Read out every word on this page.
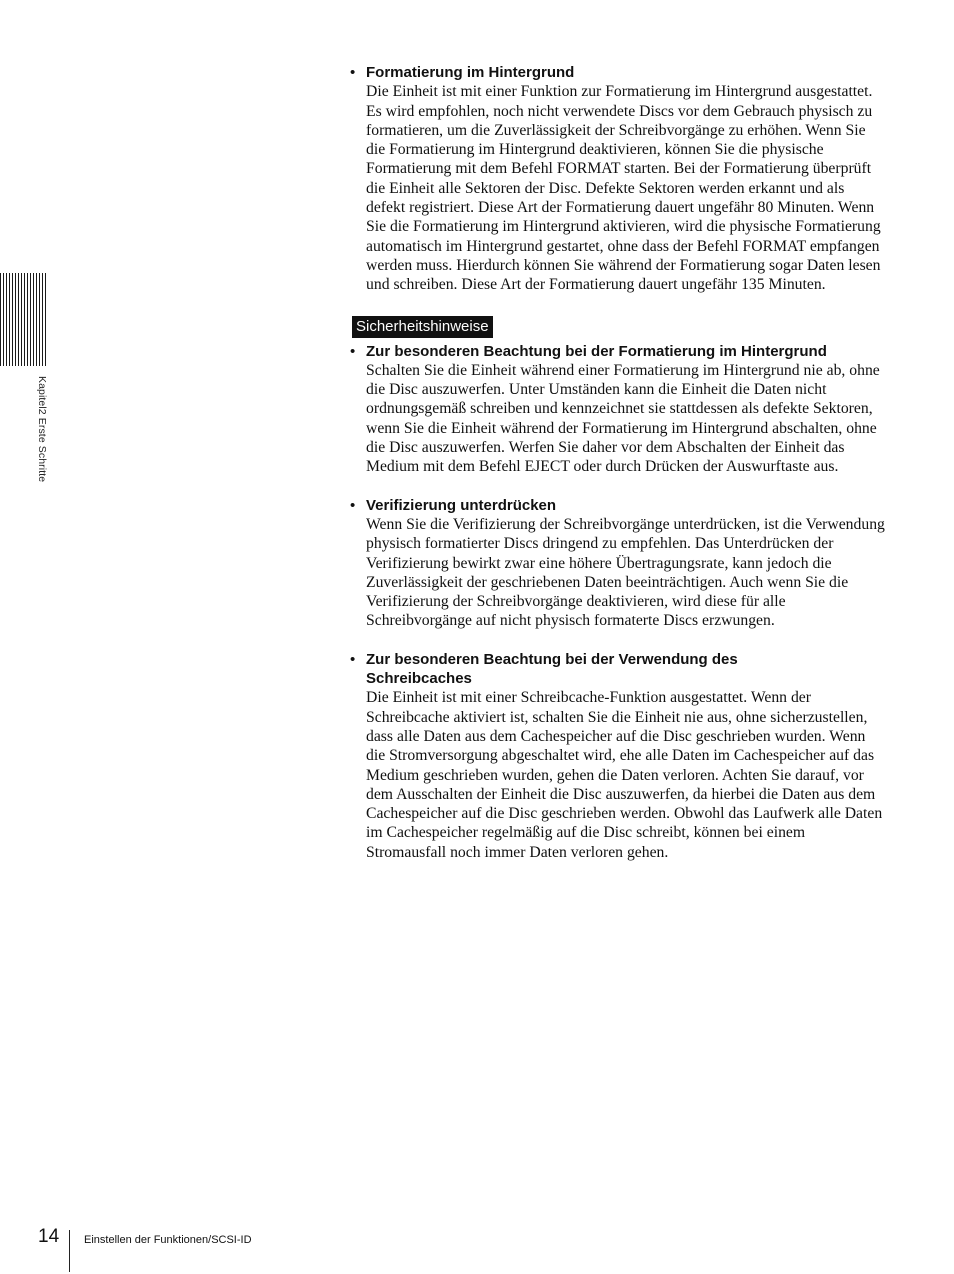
Kapitel2 Erste Schritte
• Formatierung im Hintergrund

Die Einheit ist mit einer Funktion zur Formatierung im Hintergrund ausgestattet. Es wird empfohlen, noch nicht verwendete Discs vor dem Gebrauch physisch zu formatieren, um die Zuverlässigkeit der Schreibvorgänge zu erhöhen. Wenn Sie die Formatierung im Hintergrund deaktivieren, können Sie die physische Formatierung mit dem Befehl FORMAT starten. Bei der Formatierung überprüft die Einheit alle Sektoren der Disc. Defekte Sektoren werden erkannt und als defekt registriert. Diese Art der Formatierung dauert ungefähr 80 Minuten. Wenn Sie die Formatierung im Hintergrund aktivieren, wird die physische Formatierung automatisch im Hintergrund gestartet, ohne dass der Befehl FORMAT empfangen werden muss. Hierdurch können Sie während der Formatierung sogar Daten lesen und schreiben. Diese Art der Formatierung dauert ungefähr 135 Minuten.

Sicherheitshinweise
• Zur besonderen Beachtung bei der Formatierung im Hintergrund

Schalten Sie die Einheit während einer Formatierung im Hintergrund nie ab, ohne die Disc auszuwerfen. Unter Umständen kann die Einheit die Daten nicht ordnungsgemäß schreiben und kennzeichnet sie stattdessen als defekte Sektoren, wenn Sie die Einheit während der Formatierung im Hintergrund abschalten, ohne die Disc auszuwerfen. Werfen Sie daher vor dem Abschalten der Einheit das Medium mit dem Befehl EJECT oder durch Drücken der Auswurftaste aus.

• Verifizierung unterdrücken

Wenn Sie die Verifizierung der Schreibvorgänge unterdrücken, ist die Verwendung physisch formatierter Discs dringend zu empfehlen. Das Unterdrücken der Verifizierung bewirkt zwar eine höhere Übertragungsrate, kann jedoch die Zuverlässigkeit der geschriebenen Daten beeinträchtigen. Auch wenn Sie die Verifizierung der Schreibvorgänge deaktivieren, wird diese für alle Schreibvorgänge auf nicht physisch formaterte Discs erzwungen.

• Zur besonderen Beachtung bei der Verwendung des Schreibcaches

Die Einheit ist mit einer Schreibcache-Funktion ausgestattet. Wenn der Schreibcache aktiviert ist, schalten Sie die Einheit nie aus, ohne sicherzustellen, dass alle Daten aus dem Cachespeicher auf die Disc geschrieben wurden. Wenn die Stromversorgung abgeschaltet wird, ehe alle Daten im Cachespeicher auf das Medium geschrieben wurden, gehen die Daten verloren. Achten Sie darauf, vor dem Ausschalten der Einheit die Disc auszuwerfen, da hierbei die Daten aus dem Cachespeicher auf die Disc geschrieben werden. Obwohl das Laufwerk alle Daten im Cachespeicher regelmäßig auf die Disc schreibt, können bei einem Stromausfall noch immer Daten verloren gehen.

14 Einstellen der Funktionen/SCSI-ID
